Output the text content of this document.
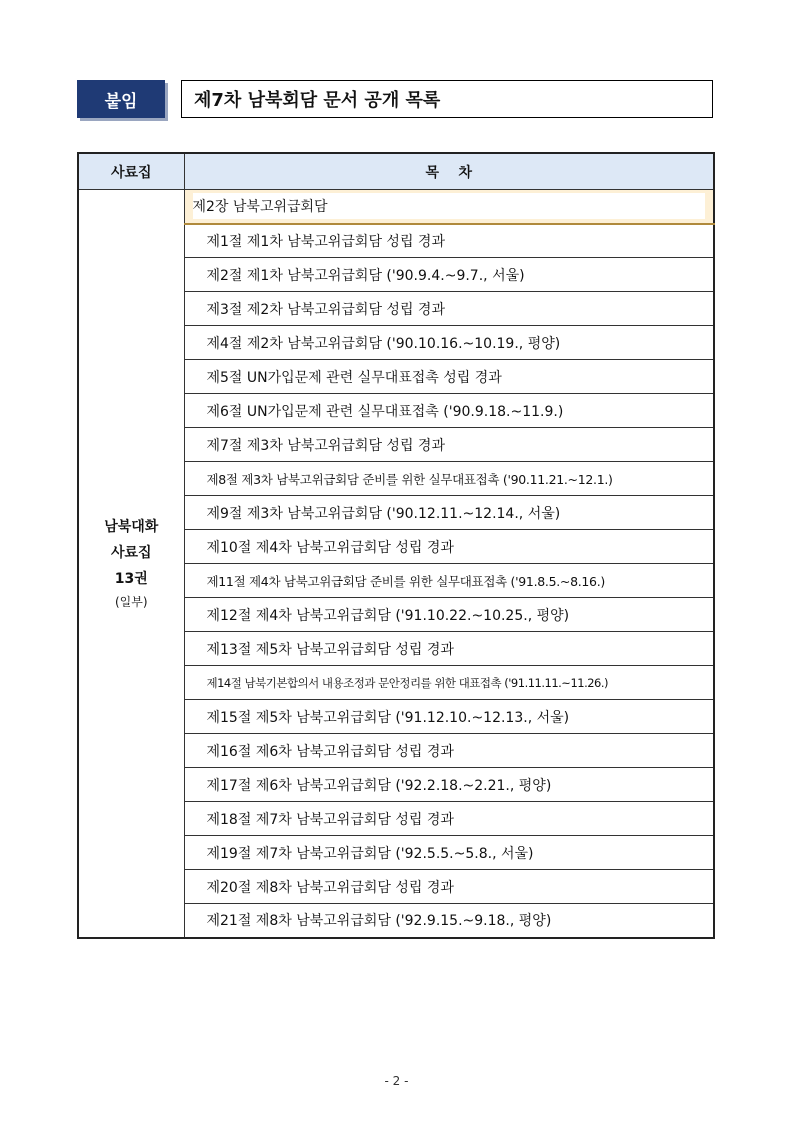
붙임	제7차 남북회담 문서 공개 목록
사료집	목    차

남북대화
사료집
13권
(일부)	제2장 남북고위급회담
	제1절 제1차 남북고위급회담 성립 경과
	제2절 제1차 남북고위급회담 ('90.9.4.~9.7., 서울)
	제3절 제2차 남북고위급회담 성립 경과
	제4절 제2차 남북고위급회담 ('90.10.16.~10.19., 평양)
	제5절 UN가입문제 관련 실무대표접촉 성립 경과
	제6절 UN가입문제 관련 실무대표접촉 ('90.9.18.~11.9.)
	제7절 제3차 남북고위급회담 성립 경과
	제8절 제3차 남북고위급회담 준비를 위한 실무대표접촉 ('90.11.21.~12.1.)
	제9절 제3차 남북고위급회담 ('90.12.11.~12.14., 서울)
	제10절 제4차 남북고위급회담 성립 경과
	제11절 제4차 남북고위급회담 준비를 위한 실무대표접촉 ('91.8.5.~8.16.)
	제12절 제4차 남북고위급회담 ('91.10.22.~10.25., 평양)
	제13절 제5차 남북고위급회담 성립 경과
	제14절 남북기본합의서 내용조정과 문안정리를 위한 대표접촉 ('91.11.11.~11.26.)
	제15절 제5차 남북고위급회담 ('91.12.10.~12.13., 서울)
	제16절 제6차 남북고위급회담 성립 경과
	제17절 제6차 남북고위급회담 ('92.2.18.~2.21., 평양)
	제18절 제7차 남북고위급회담 성립 경과
	제19절 제7차 남북고위급회담 ('92.5.5.~5.8., 서울)
	제20절 제8차 남북고위급회담 성립 경과
	제21절 제8차 남북고위급회담 ('92.9.15.~9.18., 평양)
- 2 -
